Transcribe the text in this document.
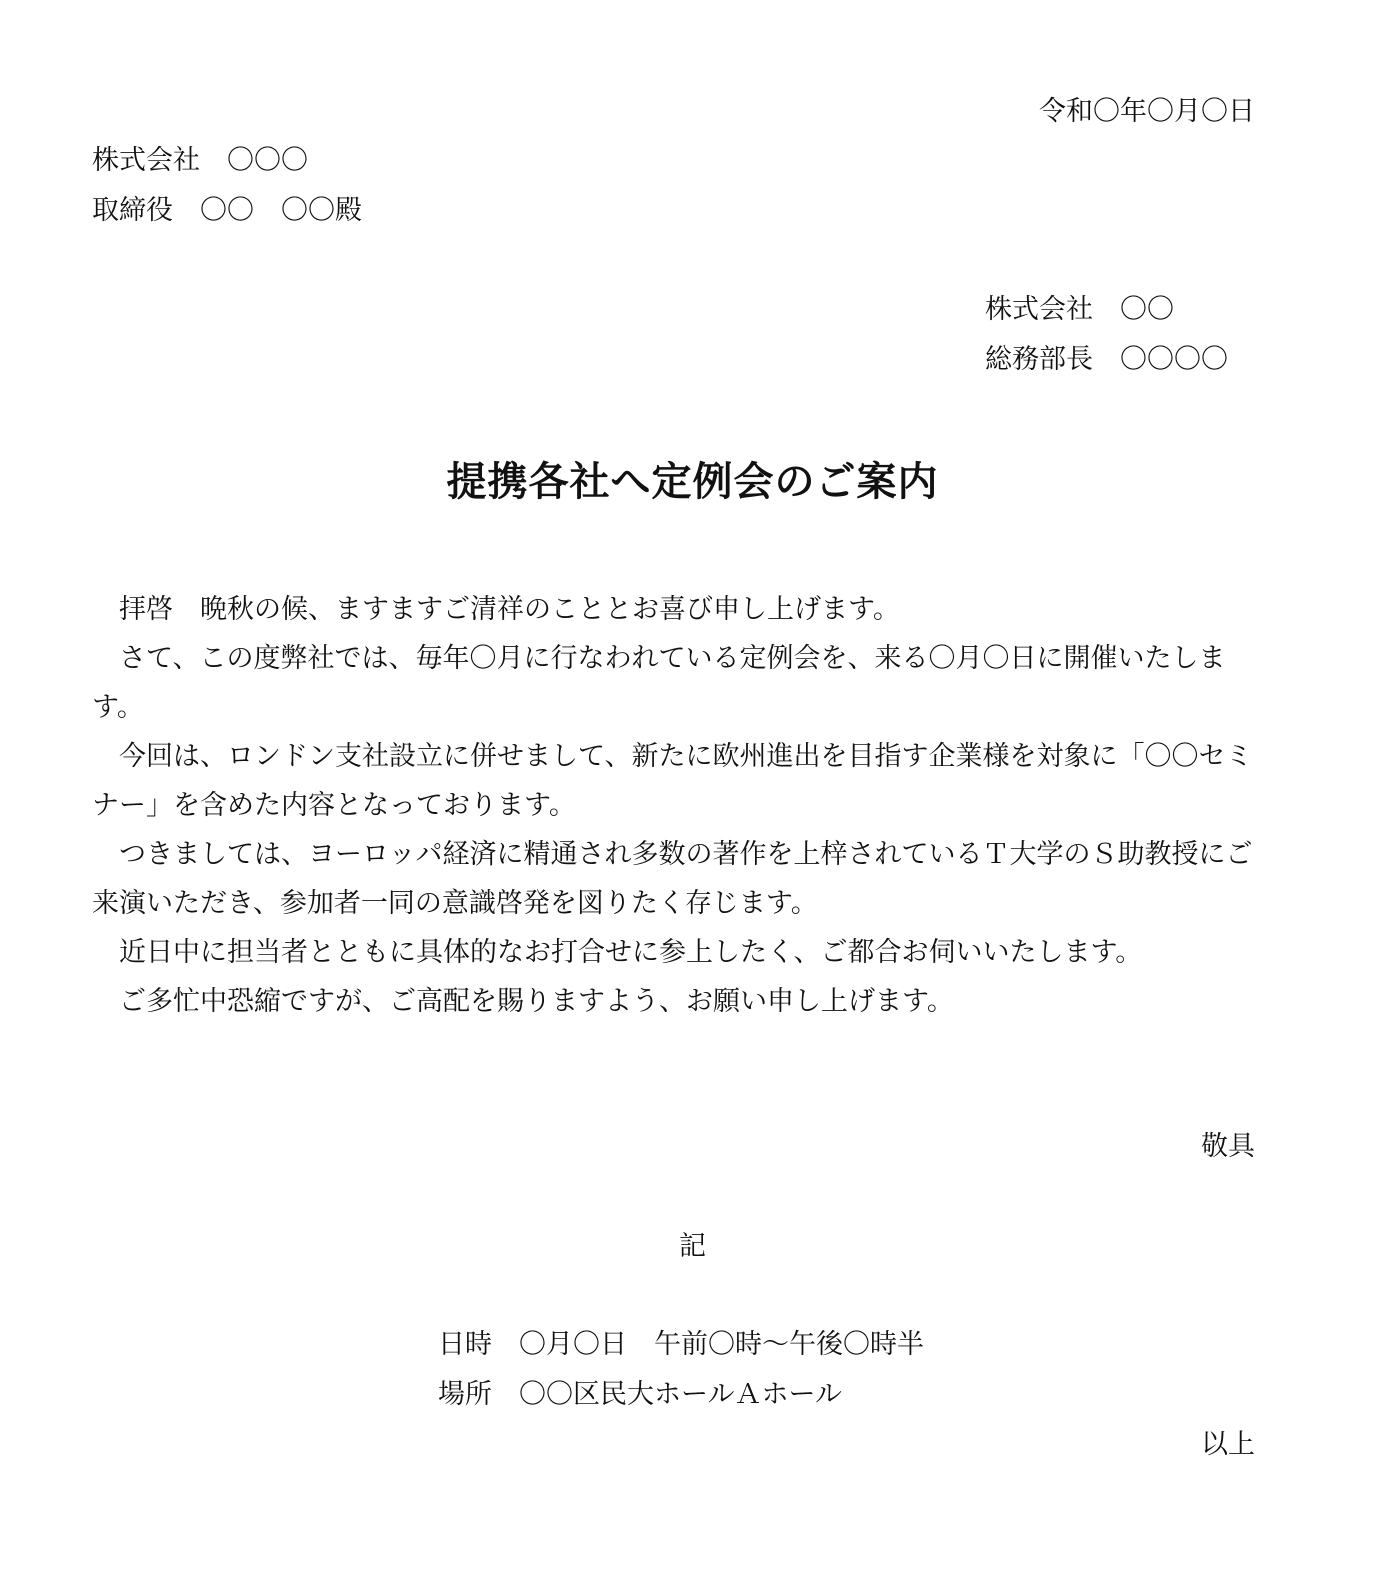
令和〇年〇月〇日
株式会社　〇〇〇
取締役　〇〇　〇〇殿
株式会社　〇〇
総務部長　〇〇〇〇
提携各社へ定例会のご案内

拝啓　晩秋の候、ますますご清祥のこととお喜び申し上げます。

さて、この度弊社では、毎年〇月に行なわれている定例会を、来る〇月〇日に開催いたします。

今回は、ロンドン支社設立に併せまして、新たに欧州進出を目指す企業様を対象に「〇〇セミナー」を含めた内容となっております。

つきましては、ヨーロッパ経済に精通され多数の著作を上梓されているＴ大学のＳ助教授にご来演いただき、参加者一同の意識啓発を図りたく存じます。

近日中に担当者とともに具体的なお打合せに参上したく、ご都合お伺いいたします。

ご多忙中恐縮ですが、ご高配を賜りますよう、お願い申し上げます。

敬具
記
日時　〇月〇日　午前〇時～午後〇時半
場所　〇〇区民大ホールＡホール
以上
